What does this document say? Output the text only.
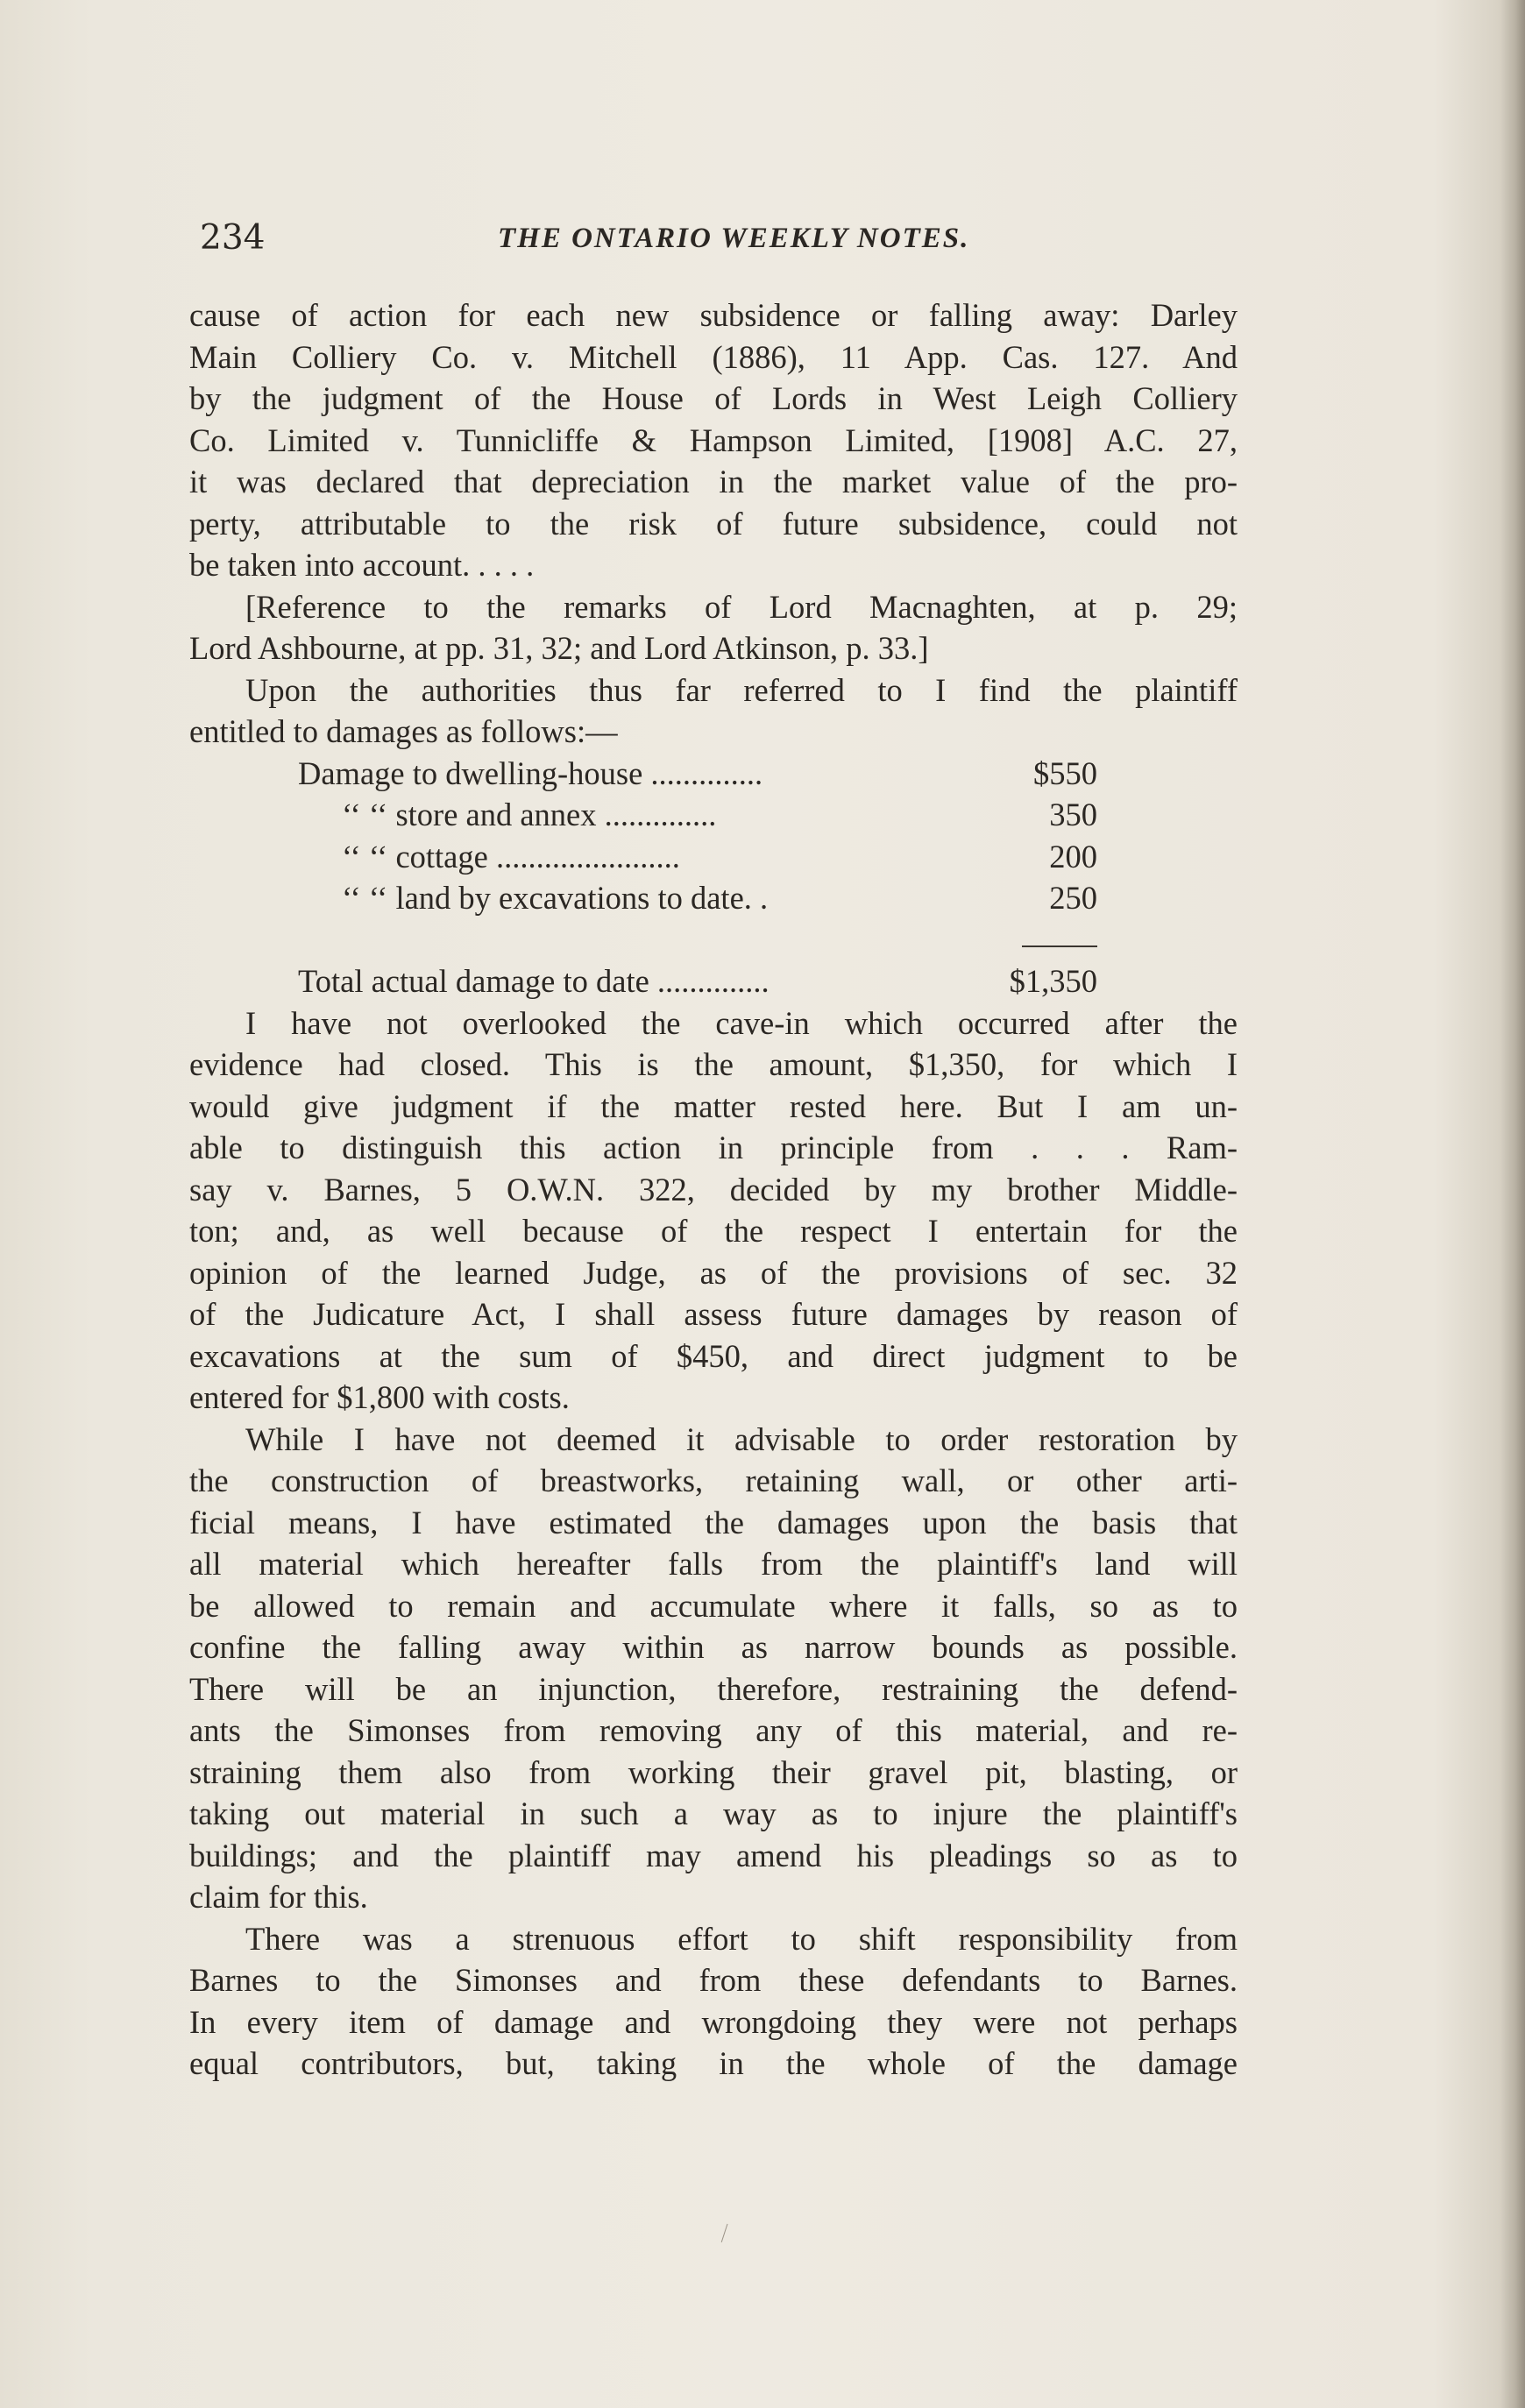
234	THE ONTARIO WEEKLY NOTES.

cause of action for each new subsidence or falling away: Darley
Main Colliery Co. v. Mitchell (1886), 11 App. Cas. 127. And
by the judgment of the House of Lords in West Leigh Colliery
Co. Limited v. Tunnicliffe & Hampson Limited, [1908] A.C. 27,
it was declared that depreciation in the market value of the pro-
perty, attributable to the risk of future subsidence, could not
be taken into account. . . . .

[Reference to the remarks of Lord Macnaghten, at p. 29;
Lord Ashbourne, at pp. 31, 32; and Lord Atkinson, p. 33.]

Upon the authorities thus far referred to I find the plaintiff
entitled to damages as follows:—

Damage to dwelling-house ..............	$550
‘‘ ‘‘ store and annex ..............	350
‘‘ ‘‘ cottage .......................	200
‘‘ ‘‘ land by excavations to date. .	250
Total actual damage to date ..............	$1,350

I have not overlooked the cave-in which occurred after the
evidence had closed. This is the amount, $1,350, for which I
would give judgment if the matter rested here. But I am un-
able to distinguish this action in principle from . . . Ram-
say v. Barnes, 5 O.W.N. 322, decided by my brother Middle-
ton; and, as well because of the respect I entertain for the
opinion of the learned Judge, as of the provisions of sec. 32
of the Judicature Act, I shall assess future damages by reason of
excavations at the sum of $450, and direct judgment to be
entered for $1,800 with costs.

While I have not deemed it advisable to order restoration by
the construction of breastworks, retaining wall, or other arti-
ficial means, I have estimated the damages upon the basis that
all material which hereafter falls from the plaintiff's land will
be allowed to remain and accumulate where it falls, so as to
confine the falling away within as narrow bounds as possible.
There will be an injunction, therefore, restraining the defend-
ants the Simonses from removing any of this material, and re-
straining them also from working their gravel pit, blasting, or
taking out material in such a way as to injure the plaintiff's
buildings; and the plaintiff may amend his pleadings so as to
claim for this.

There was a strenuous effort to shift responsibility from
Barnes to the Simonses and from these defendants to Barnes.
In every item of damage and wrongdoing they were not perhaps
equal contributors, but, taking in the whole of the damage
